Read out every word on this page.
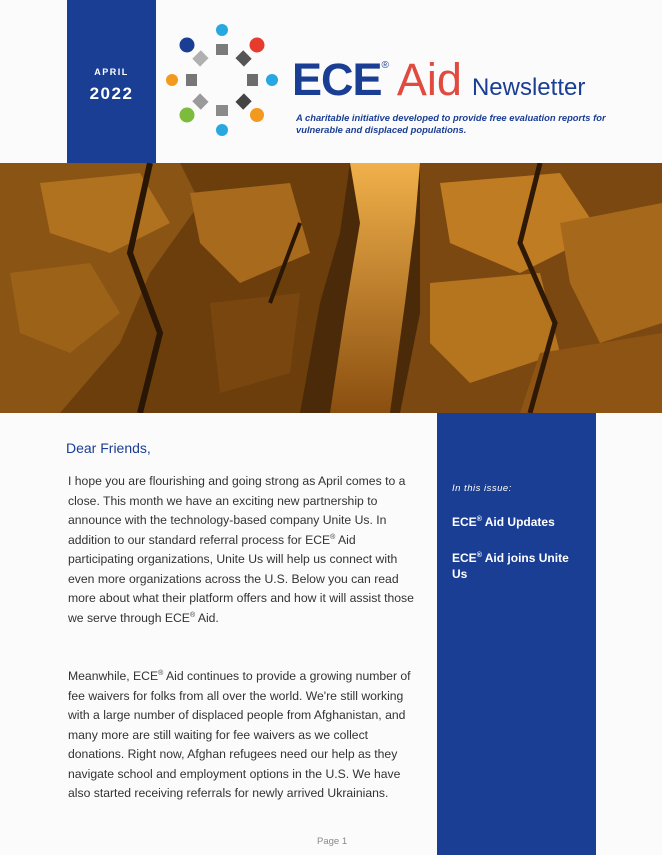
APRIL
2022	ECE® Aid Newsletter
A charitable initiative developed to provide free evaluation reports for vulnerable and displaced populations.
Dear Friends,

I hope you are flourishing and going strong as April comes to a close. This month we have an exciting new partnership to announce with the technology-based company Unite Us. In addition to our standard referral process for ECE® Aid participating organizations, Unite Us will help us connect with even more organizations across the U.S. Below you can read more about what their platform offers and how it will assist those we serve through ECE® Aid.

Meanwhile, ECE® Aid continues to provide a growing number of fee waivers for folks from all over the world. We're still working with a large number of displaced people from Afghanistan, and many more are still waiting for fee waivers as we collect donations. Right now, Afghan refugees need our help as they navigate school and employment options in the U.S. We have also started receiving referrals for newly arrived Ukrainians.

In this issue:
ECE® Aid Updates
ECE® Aid joins Unite Us
Page 1
